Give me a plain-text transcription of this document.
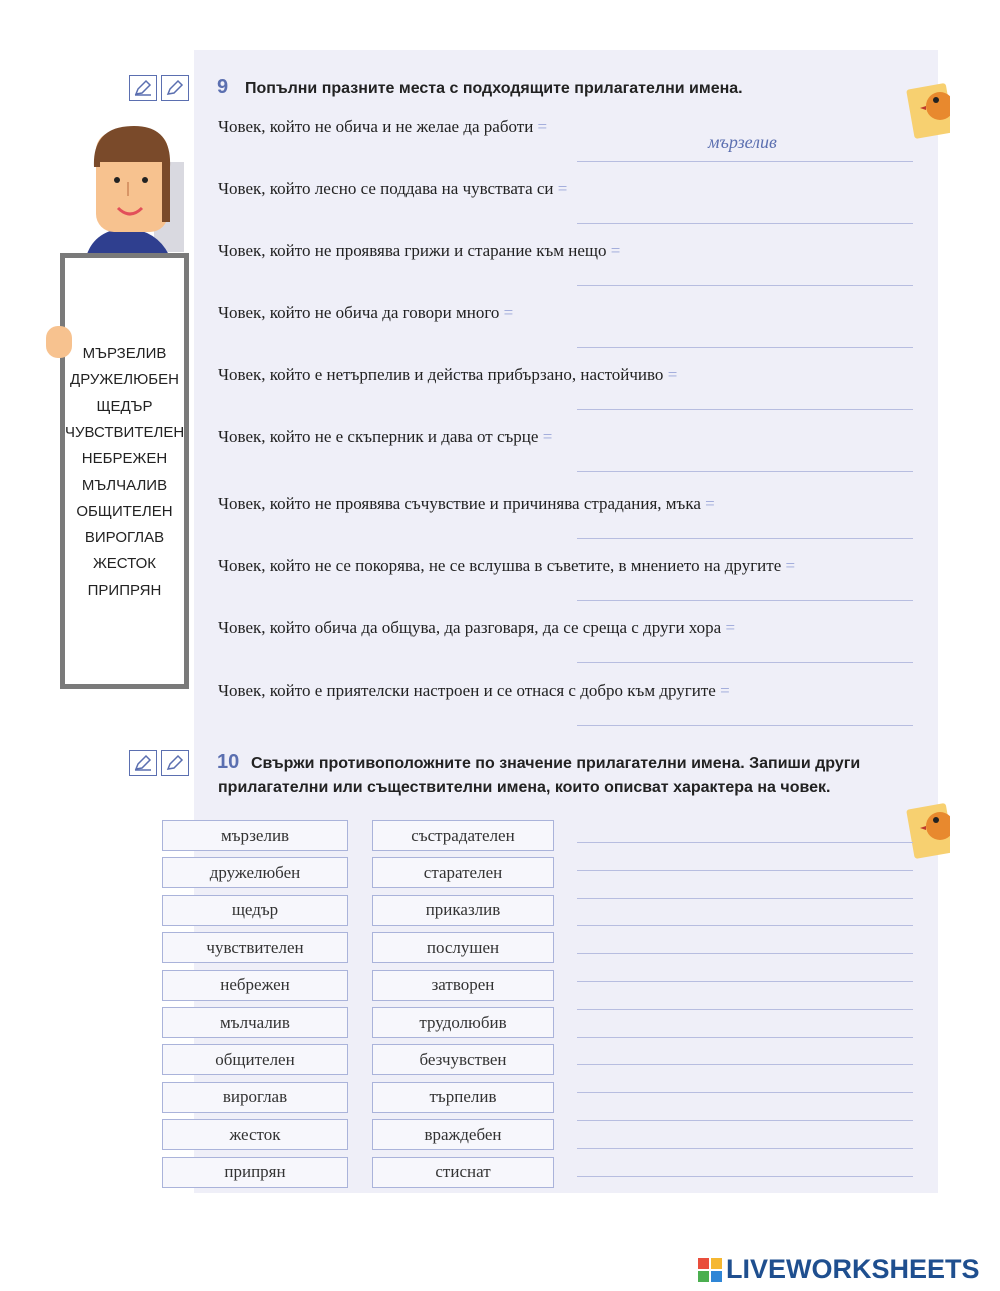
9 Попълни празните места с подходящите прилагателни имена.
Човек, който не обича и не желае да работи =
мързелив
Човек, който лесно се поддава на чувствата си =
Човек, който не проявява грижи и старание към нещо =
Човек, който не обича да говори много =
Човек, който е нетърпелив и действа прибързано, настойчиво =
Човек, който не е скъперник и дава от сърце =
Човек, който не проявява съчувствие и причинява страдания, мъка =
Човек, който не се покорява, не се вслушва в съветите, в мнението на другите =
Човек, който обича да общува, да разговаря, да се среща с други хора =
Човек, който е приятелски настроен и се отнася с добро към другите =
МЪРЗЕЛИВ
ДРУЖЕЛЮБЕН
ЩЕДЪР
ЧУВСТВИТЕЛЕН
НЕБРЕЖЕН
МЪЛЧАЛИВ
ОБЩИТЕЛЕН
ВИРОГЛАВ
ЖЕСТОК
ПРИПРЯН
10 Свържи противоположните по значение прилагателни имена. Запиши други
прилагателни или съществителни имена, които описват характера на човек.
мързелив	състрадателен
дружелюбен	старателен
щедър	приказлив
чувствителен	послушен
небрежен	затворен
мълчалив	трудолюбив
общителен	безчувствен
вироглав	търпелив
жесток	враждебен
припрян	стиснат
LIVEWORKSHEETS
